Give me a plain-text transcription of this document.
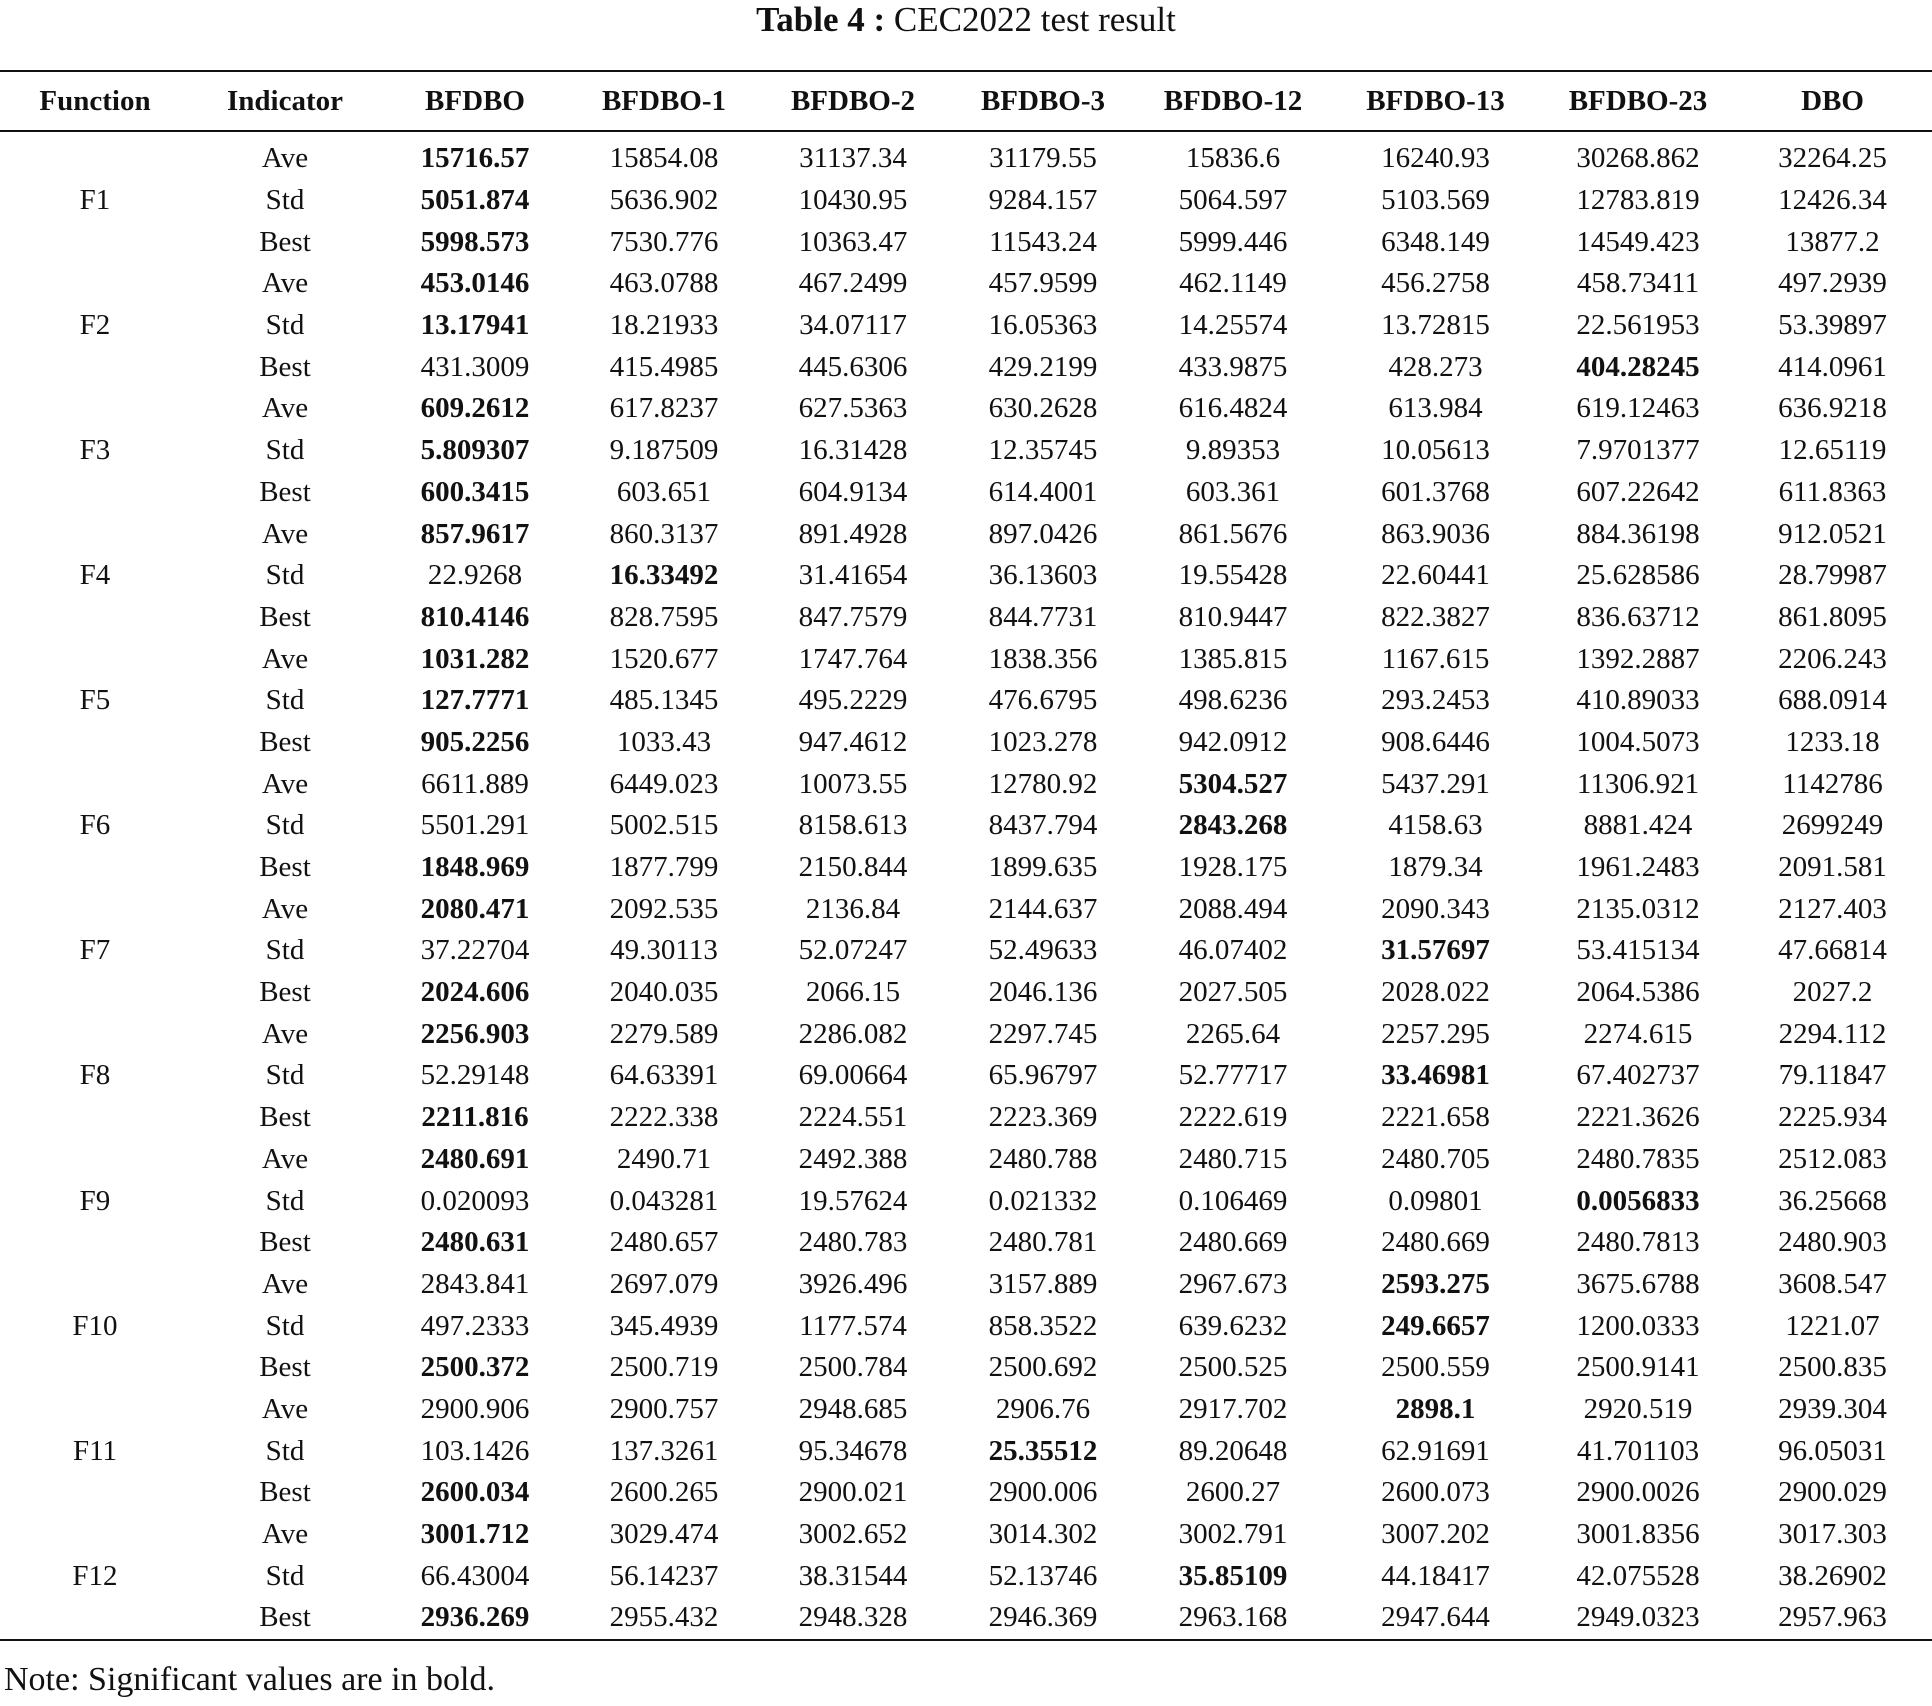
Table 4 : CEC2022 test result
Function	Indicator	BFDBO	BFDBO-1	BFDBO-2	BFDBO-3	BFDBO-12	BFDBO-13	BFDBO-23	DBO
	Ave	15716.57	15854.08	31137.34	31179.55	15836.6	16240.93	30268.862	32264.25
F1	Std	5051.874	5636.902	10430.95	9284.157	5064.597	5103.569	12783.819	12426.34
	Best	5998.573	7530.776	10363.47	11543.24	5999.446	6348.149	14549.423	13877.2
	Ave	453.0146	463.0788	467.2499	457.9599	462.1149	456.2758	458.73411	497.2939
F2	Std	13.17941	18.21933	34.07117	16.05363	14.25574	13.72815	22.561953	53.39897
	Best	431.3009	415.4985	445.6306	429.2199	433.9875	428.273	404.28245	414.0961
	Ave	609.2612	617.8237	627.5363	630.2628	616.4824	613.984	619.12463	636.9218
F3	Std	5.809307	9.187509	16.31428	12.35745	9.89353	10.05613	7.9701377	12.65119
	Best	600.3415	603.651	604.9134	614.4001	603.361	601.3768	607.22642	611.8363
	Ave	857.9617	860.3137	891.4928	897.0426	861.5676	863.9036	884.36198	912.0521
F4	Std	22.9268	16.33492	31.41654	36.13603	19.55428	22.60441	25.628586	28.79987
	Best	810.4146	828.7595	847.7579	844.7731	810.9447	822.3827	836.63712	861.8095
	Ave	1031.282	1520.677	1747.764	1838.356	1385.815	1167.615	1392.2887	2206.243
F5	Std	127.7771	485.1345	495.2229	476.6795	498.6236	293.2453	410.89033	688.0914
	Best	905.2256	1033.43	947.4612	1023.278	942.0912	908.6446	1004.5073	1233.18
	Ave	6611.889	6449.023	10073.55	12780.92	5304.527	5437.291	11306.921	1142786
F6	Std	5501.291	5002.515	8158.613	8437.794	2843.268	4158.63	8881.424	2699249
	Best	1848.969	1877.799	2150.844	1899.635	1928.175	1879.34	1961.2483	2091.581
	Ave	2080.471	2092.535	2136.84	2144.637	2088.494	2090.343	2135.0312	2127.403
F7	Std	37.22704	49.30113	52.07247	52.49633	46.07402	31.57697	53.415134	47.66814
	Best	2024.606	2040.035	2066.15	2046.136	2027.505	2028.022	2064.5386	2027.2
	Ave	2256.903	2279.589	2286.082	2297.745	2265.64	2257.295	2274.615	2294.112
F8	Std	52.29148	64.63391	69.00664	65.96797	52.77717	33.46981	67.402737	79.11847
	Best	2211.816	2222.338	2224.551	2223.369	2222.619	2221.658	2221.3626	2225.934
	Ave	2480.691	2490.71	2492.388	2480.788	2480.715	2480.705	2480.7835	2512.083
F9	Std	0.020093	0.043281	19.57624	0.021332	0.106469	0.09801	0.0056833	36.25668
	Best	2480.631	2480.657	2480.783	2480.781	2480.669	2480.669	2480.7813	2480.903
	Ave	2843.841	2697.079	3926.496	3157.889	2967.673	2593.275	3675.6788	3608.547
F10	Std	497.2333	345.4939	1177.574	858.3522	639.6232	249.6657	1200.0333	1221.07
	Best	2500.372	2500.719	2500.784	2500.692	2500.525	2500.559	2500.9141	2500.835
	Ave	2900.906	2900.757	2948.685	2906.76	2917.702	2898.1	2920.519	2939.304
F11	Std	103.1426	137.3261	95.34678	25.35512	89.20648	62.91691	41.701103	96.05031
	Best	2600.034	2600.265	2900.021	2900.006	2600.27	2600.073	2900.0026	2900.029
	Ave	3001.712	3029.474	3002.652	3014.302	3002.791	3007.202	3001.8356	3017.303
F12	Std	66.43004	56.14237	38.31544	52.13746	35.85109	44.18417	42.075528	38.26902
	Best	2936.269	2955.432	2948.328	2946.369	2963.168	2947.644	2949.0323	2957.963
Note: Significant values are in bold.
